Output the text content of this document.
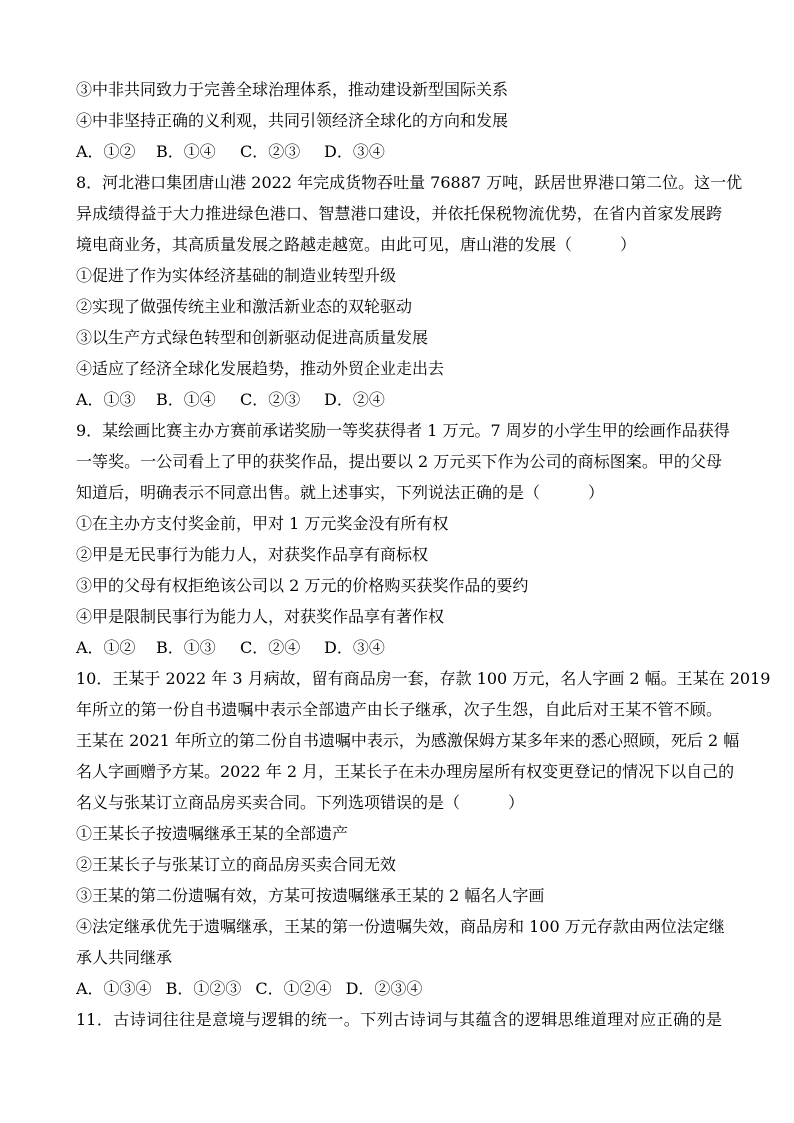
③中非共同致力于完善全球治理体系，推动建设新型国际关系
④中非坚持正确的义利观，共同引领经济全球化的方向和发展
A．①② B．①④ C．②③ D．③④
8．河北港口集团唐山港 2022 年完成货物吞吐量 76887 万吨，跃居世界港口第二位。这一优
异成绩得益于大力推进绿色港口、智慧港口建设，并依托保税物流优势，在省内首家发展跨
境电商业务，其高质量发展之路越走越宽。由此可见，唐山港的发展（　　　）
①促进了作为实体经济基础的制造业转型升级
②实现了做强传统主业和激活新业态的双轮驱动
③以生产方式绿色转型和创新驱动促进高质量发展
④适应了经济全球化发展趋势，推动外贸企业走出去
A．①③ B．①④ C．②③ D．②④
9．某绘画比赛主办方赛前承诺奖励一等奖获得者 1 万元。7 周岁的小学生甲的绘画作品获得
一等奖。一公司看上了甲的获奖作品，提出要以 2 万元买下作为公司的商标图案。甲的父母
知道后，明确表示不同意出售。就上述事实，下列说法正确的是（　　　）
①在主办方支付奖金前，甲对 1 万元奖金没有所有权
②甲是无民事行为能力人，对获奖作品享有商标权
③甲的父母有权拒绝该公司以 2 万元的价格购买获奖作品的要约
④甲是限制民事行为能力人，对获奖作品享有著作权
A．①② B．①③ C．②④ D．③④
10．王某于 2022 年 3 月病故，留有商品房一套，存款 100 万元，名人字画 2 幅。王某在 2019
年所立的第一份自书遗嘱中表示全部遗产由长子继承，次子生怨，自此后对王某不管不顾。
王某在 2021 年所立的第二份自书遗嘱中表示，为感激保姆方某多年来的悉心照顾，死后 2 幅
名人字画赠予方某。2022 年 2 月，王某长子在未办理房屋所有权变更登记的情况下以自己的
名义与张某订立商品房买卖合同。下列选项错误的是（　　　）
①王某长子按遗嘱继承王某的全部遗产
②王某长子与张某订立的商品房买卖合同无效
③王某的第二份遗嘱有效，方某可按遗嘱继承王某的 2 幅名人字画
④法定继承优先于遗嘱继承，王某的第一份遗嘱失效，商品房和 100 万元存款由两位法定继
承人共同继承
A．①③④ B．①②③ C．①②④ D．②③④
11．古诗词往往是意境与逻辑的统一。下列古诗词与其蕴含的逻辑思维道理对应正确的是
